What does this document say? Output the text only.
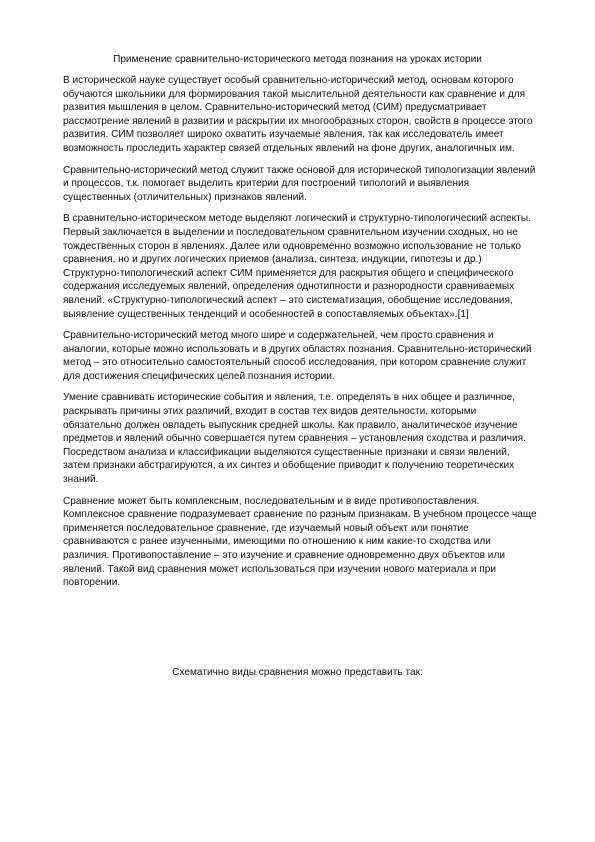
Применение сравнительно-исторического метода познания на уроках истории

В исторической науке существует особый сравнительно-исторический метод, основам которого обучаются школьники для формирования такой мыслительной деятельности как сравнение и для развития мышления в целом. Сравнительно-исторический метод (СИМ) предусматривает рассмотрение явлений в развитии и раскрытии их многообразных сторон, свойств в процессе этого развития. СИМ позволяет широко охватить изучаемые явления, так как исследователь имеет возможность проследить характер связей отдельных явлений на фоне других, аналогичных им.

Сравнительно-исторический метод служит также основой для исторической типологизации явлений и процессов, т.к. помогает выделить критерии для построений типологий и выявления существенных (отличительных) признаков явлений.

В сравнительно-историческом методе выделяют логический и структурно-типологический аспекты. Первый заключается в выделении и последовательном сравнительном изучении сходных, но не тождественных сторон в явлениях. Далее или одновременно возможно использование не только сравнения, но и других логических приемов (анализа, синтеза, индукции, гипотезы и др.) Структурно-типологический аспект СИМ применяется для раскрытия общего и специфического содержания исследуемых явлений, определения однотипности и разнородности сравниваемых явлений. «Структурно-типологический аспект – это систематизация, обобщение исследования, выявление существенных тенденций и особенностей в сопоставляемых объектах».[1]

Сравнительно-исторический метод много шире и содержательней, чем просто сравнения и аналогии, которые можно использовать и в других областях познания. Сравнительно-исторический метод – это относительно самостоятельный способ исследования, при котором сравнение служит для достижения специфических целей познания истории.

Умение сравнивать исторические события и явления, т.е. определять в них общее и различное, раскрывать причины этих различий, входит в состав тех видов деятельности, которыми обязательно должен овладеть выпускник средней школы. Как правило, аналитическое изучение предметов и явлений обычно совершается путем сравнения – установления сходства и различия. Посредством анализа и классификации выделяются существенные признаки и связи явлений, затем признаки абстрагируются, а их синтез и обобщение приводит к получению теоретических знаний.

Сравнение может быть комплексным, последовательным и в виде противопоставления. Комплексное сравнение подразумевает сравнение по разным признакам. В учебном процессе чаще применяется последовательное сравнение, где изучаемый новый объект или понятие сравниваются с ранее изученными, имеющими по отношению к ним какие-то сходства или различия. Противопоставление – это изучение и сравнение одновременно двух объектов или явлений. Такой вид сравнения может использоваться при изучении нового материала и при повторении.

Схематично виды сравнения можно представить так:
